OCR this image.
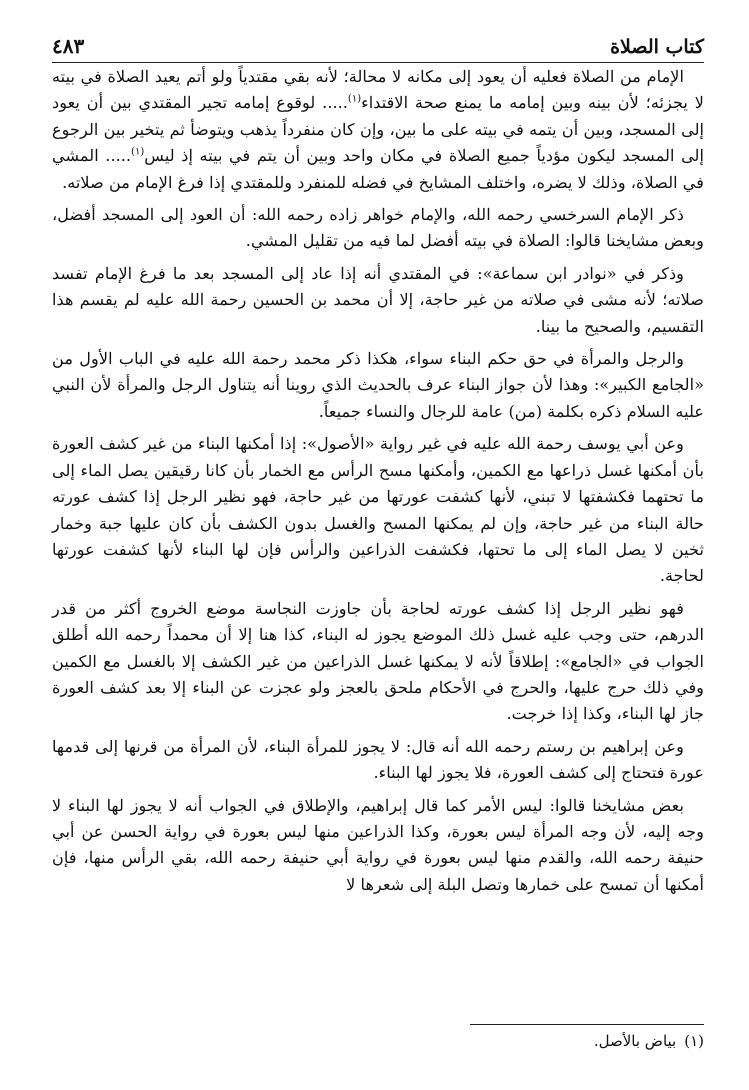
كتاب الصلاة
٤٨٣

الإمام من الصلاة فعليه أن يعود إلى مكانه لا محالة؛ لأنه بقي مقتدياً ولو أتم يعيد الصلاة في بيته لا يجزئه؛ لأن بينه وبين إمامه ما يمنع صحة الاقتداء$^{(١)}$..... لوقوع إمامه تجير المقتدي بين أن يعود إلى المسجد، وبين أن يتمه في بيته على ما بين، وإن كان منفرداً يذهب ويتوضأ ثم يتخير بين الرجوع إلى المسجد ليكون مؤدياً جميع الصلاة في مكان واحد وبين أن يتم في بيته إذ ليس$^{(١)}$..... المشي في الصلاة، وذلك لا يضره، واختلف المشايخ في فضله للمنفرد وللمقتدي إذا فرغ الإمام من صلاته.

ذكر الإمام السرخسي رحمه الله، والإمام خواهر زاده رحمه الله: أن العود إلى المسجد أفضل، وبعض مشايخنا قالوا: الصلاة في بيته أفضل لما فيه من تقليل المشي.

وذكر في «نوادر ابن سماعة»: في المقتدي أنه إذا عاد إلى المسجد بعد ما فرغ الإمام تفسد صلاته؛ لأنه مشى في صلاته من غير حاجة، إلا أن محمد بن الحسين رحمة الله عليه لم يقسم هذا التقسيم، والصحيح ما بينا.

والرجل والمرأة في حق حكم البناء سواء، هكذا ذكر محمد رحمة الله عليه في الباب الأول من «الجامع الكبير»: وهذا لأن جواز البناء عرف بالحديث الذي روينا أنه يتناول الرجل والمرأة لأن النبي عليه السلام ذكره بكلمة (من) عامة للرجال والنساء جميعاً.

وعن أبي يوسف رحمة الله عليه في غير رواية «الأصول»: إذا أمكنها البناء من غير كشف العورة بأن أمكنها غسل ذراعها مع الكمين، وأمكنها مسح الرأس مع الخمار بأن كانا رقيقين يصل الماء إلى ما تحتهما فكشفتها لا تبني، لأنها كشفت عورتها من غير حاجة، فهو نظير الرجل إذا كشف عورته حالة البناء من غير حاجة، وإن لم يمكنها المسح والغسل بدون الكشف بأن كان عليها جبة وخمار ثخين لا يصل الماء إلى ما تحتها، فكشفت الذراعين والرأس فإن لها البناء لأنها كشفت عورتها لحاجة.

فهو نظير الرجل إذا كشف عورته لحاجة بأن جاوزت النجاسة موضع الخروج أكثر من قدر الدرهم، حتى وجب عليه غسل ذلك الموضع يجوز له البناء، كذا هنا إلا أن محمداً رحمه الله أطلق الجواب في «الجامع»: إطلاقاً لأنه لا يمكنها غسل الذراعين من غير الكشف إلا بالغسل مع الكمين وفي ذلك حرج عليها، والحرج في الأحكام ملحق بالعجز ولو عجزت عن البناء إلا بعد كشف العورة جاز لها البناء، وكذا إذا خرجت.

وعن إبراهيم بن رستم رحمه الله أنه قال: لا يجوز للمرأة البناء، لأن المرأة من قرنها إلى قدمها عورة فتحتاج إلى كشف العورة، فلا يجوز لها البناء.

بعض مشايخنا قالوا: ليس الأمر كما قال إبراهيم، والإطلاق في الجواب أنه لا يجوز لها البناء لا وجه إليه، لأن وجه المرأة ليس بعورة، وكذا الذراعين منها ليس بعورة في رواية الحسن عن أبي حنيفة رحمه الله، والقدم منها ليس بعورة في رواية أبي حنيفة رحمه الله، بقي الرأس منها، فإن أمكنها أن تمسح على خمارها وتصل البلة إلى شعرها لا

(١)بياض بالأصل.
